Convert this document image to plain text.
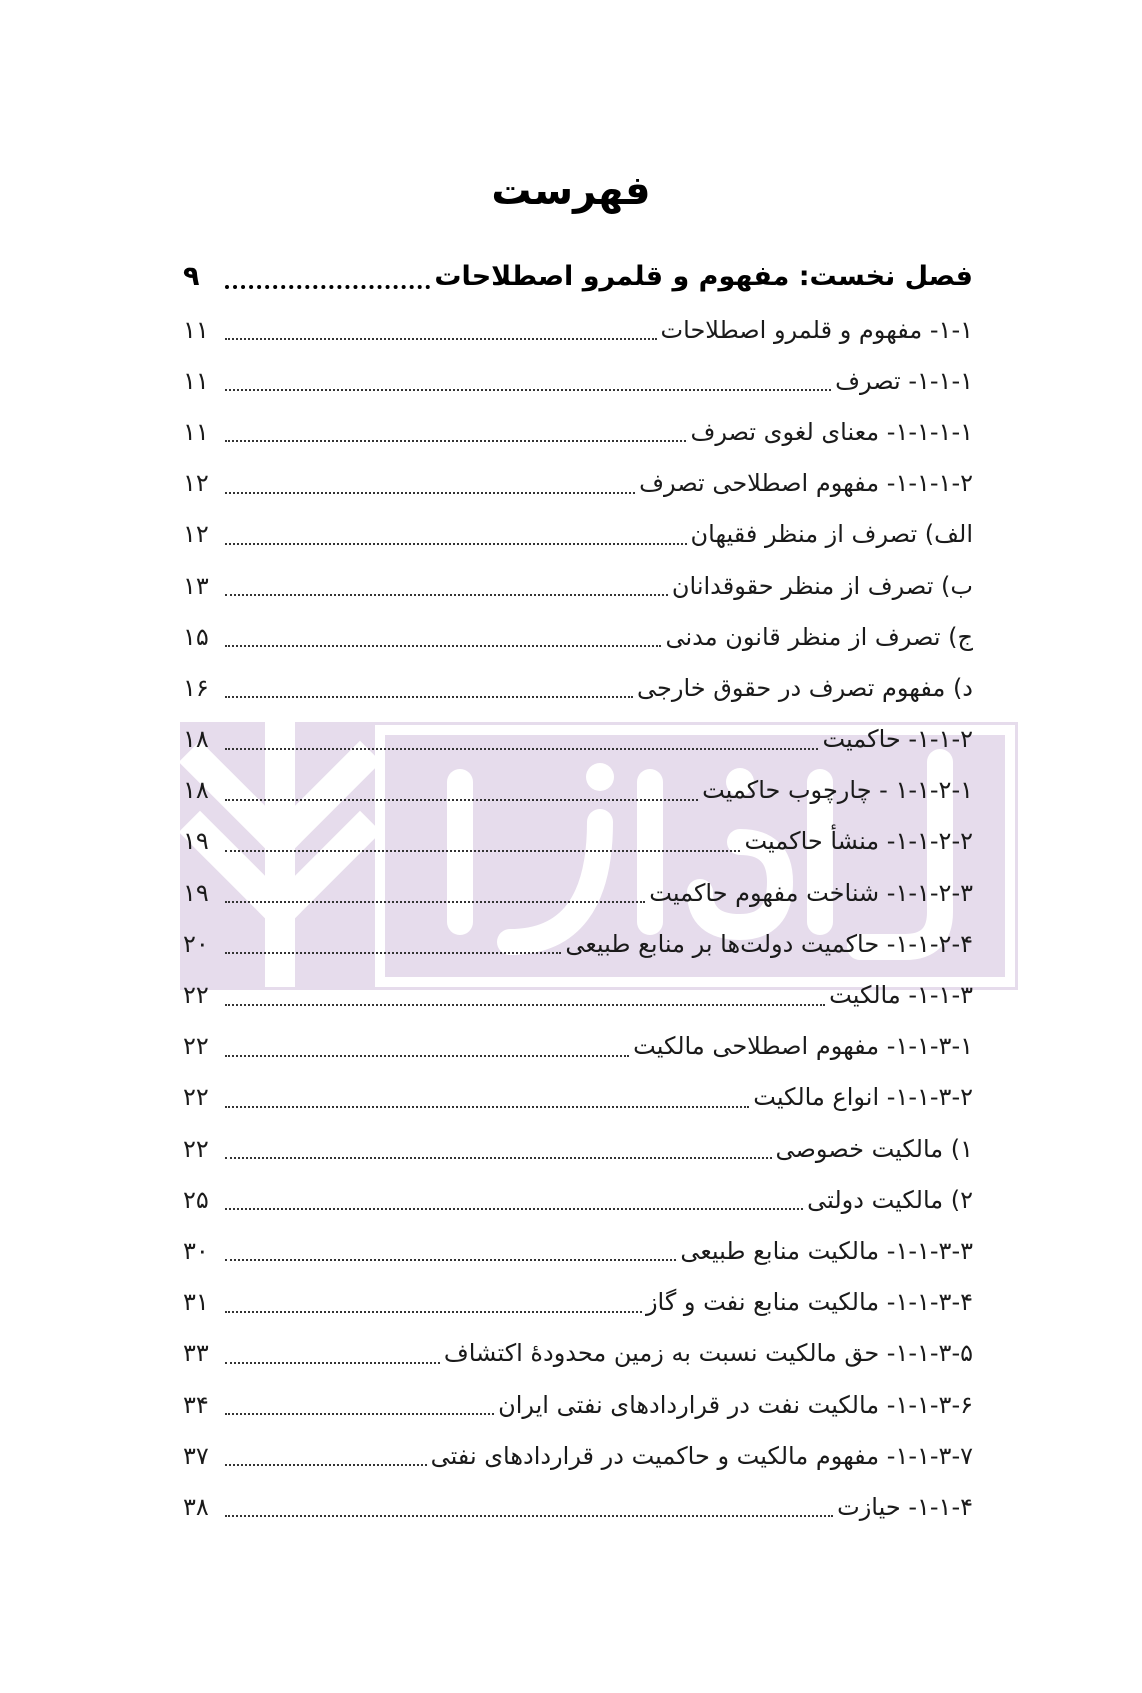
فهرست
فصل نخست: مفهوم و قلمرو اصطلاحات
۹
۱-۱- مفهوم و قلمرو اصطلاحات
۱۱
۱-۱-۱- تصرف
۱۱
۱-۱-۱-۱- معنای لغوی تصرف
۱۱
۱-۱-۱-۲- مفهوم اصطلاحی تصرف
۱۲
الف) تصرف از منظر فقیهان
۱۲
ب) تصرف از منظر حقوقدانان
۱۳
ج) تصرف از منظر قانون مدنی
۱۵
د) مفهوم تصرف در حقوق خارجی
۱۶
۱-۱-۲- حاکمیت
۱۸
۱-۱-۲-۱ - چارچوب حاکمیت
۱۸
۱-۱-۲-۲- منشأ حاکمیت
۱۹
۱-۱-۲-۳- شناخت مفهوم حاکمیت
۱۹
۱-۱-۲-۴- حاکمیت دولت‌ها بر منابع طبیعی
۲۰
۱-۱-۳- مالکیت
۲۲
۱-۱-۳-۱- مفهوم اصطلاحی مالکیت
۲۲
۱-۱-۳-۲- انواع مالکیت
۲۲
۱) مالکیت خصوصی
۲۲
۲) مالکیت دولتی
۲۵
۱-۱-۳-۳- مالکیت منابع طبیعی
۳۰
۱-۱-۳-۴- مالکیت منابع نفت و گاز
۳۱
۱-۱-۳-۵- حق مالکیت نسبت به زمین محدودهٔ اکتشاف
۳۳
۱-۱-۳-۶- مالکیت نفت در قراردادهای نفتی ایران
۳۴
۱-۱-۳-۷- مفهوم مالکیت و حاکمیت در قراردادهای نفتی
۳۷
۱-۱-۴- حیازت
۳۸
